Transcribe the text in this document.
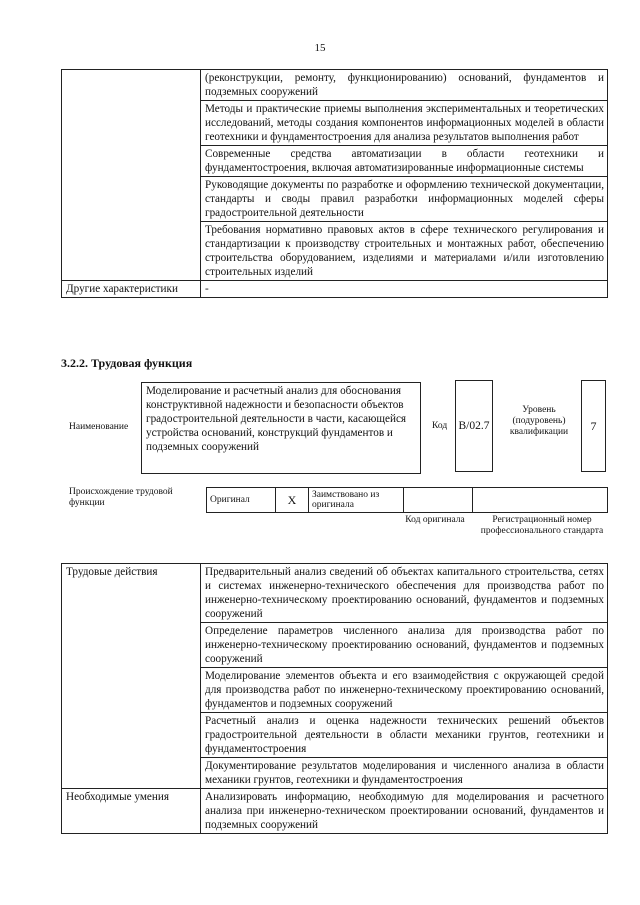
15
	(реконструкции, ремонту, функционированию) оснований, фундаментов и подземных сооружений
	Методы и практические приемы выполнения экспериментальных и теоретических исследований, методы создания компонентов информационных моделей в области геотехники и фундаментостроения для анализа результатов выполнения работ
	Современные средства автоматизации в области геотехники и фундаментостроения, включая автоматизированные информационные системы
	Руководящие документы по разработке и оформлению технической документации, стандарты и своды правил разработки информационных моделей сферы градостроительной деятельности
	Требования нормативно правовых актов в сфере технического регулирования и стандартизации к производству строительных и монтажных работ, обеспечению строительства оборудованием, изделиями и материалами и/или изготовлению строительных изделий
Другие характеристики	-
3.2.2. Трудовая функция
Наименование
Моделирование и расчетный анализ для обоснования конструктивной надежности и безопасности объектов градостроительной деятельности в части, касающейся устройства оснований, конструкций фундаментов и подземных сооружений
Код B/02.7
Уровень (подуровень) квалификации	7
Происхождение трудовой функции	Оригинал	X	Заимствовано из оригинала		
Код оригинала	Регистрационный номер профессионального стандарта
Трудовые действия	Предварительный анализ сведений об объектах капитального строительства, сетях и системах инженерно-технического обеспечения для производства работ по инженерно-техническому проектированию оснований, фундаментов и подземных сооружений
	Определение параметров численного анализа для производства работ по инженерно-техническому проектированию оснований, фундаментов и подземных сооружений
	Моделирование элементов объекта и его взаимодействия с окружающей средой для производства работ по инженерно-техническому проектированию оснований, фундаментов и подземных сооружений
	Расчетный анализ и оценка надежности технических решений объектов градостроительной деятельности в области механики грунтов, геотехники и фундаментостроения
	Документирование результатов моделирования и численного анализа в области механики грунтов, геотехники и фундаментостроения
Необходимые умения	Анализировать информацию, необходимую для моделирования и расчетного анализа при инженерно-техническом проектировании оснований, фундаментов и подземных сооружений
